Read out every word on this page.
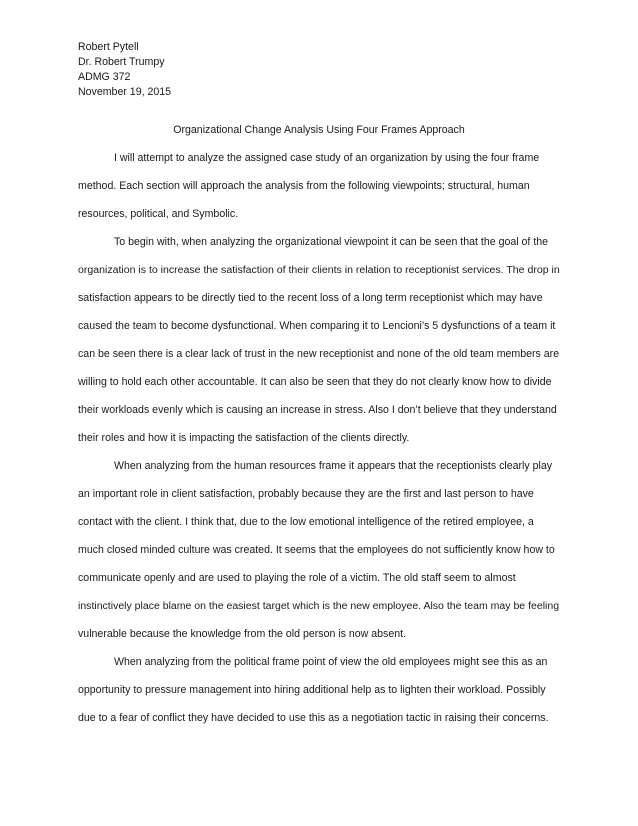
Robert Pytell
Dr. Robert Trumpy
ADMG 372
November 19, 2015
Organizational Change Analysis Using Four Frames Approach
I will attempt to analyze the assigned case study of an organization by using the four frame
method. Each section will approach the analysis from the following viewpoints; structural, human
resources, political, and Symbolic.
To begin with, when analyzing the organizational viewpoint it can be seen that the goal of the
organization is to increase the satisfaction of their clients in relation to receptionist services. The drop in
satisfaction appears to be directly tied to the recent loss of a long term receptionist which may have
caused the team to become dysfunctional. When comparing it to Lencioni’s 5 dysfunctions of a team it
can be seen there is a clear lack of trust in the new receptionist and none of the old team members are
willing to hold each other accountable. It can also be seen that they do not clearly know how to divide
their workloads evenly which is causing an increase in stress. Also I don’t believe that they understand
their roles and how it is impacting the satisfaction of the clients directly.
When analyzing from the human resources frame it appears that the receptionists clearly play
an important role in client satisfaction, probably because they are the first and last person to have
contact with the client. I think that, due to the low emotional intelligence of the retired employee, a
much closed minded culture was created. It seems that the employees do not sufficiently know how to
communicate openly and are used to playing the role of a victim. The old staff seem to almost
instinctively place blame on the easiest target which is the new employee. Also the team may be feeling
vulnerable because the knowledge from the old person is now absent.
When analyzing from the political frame point of view the old employees might see this as an
opportunity to pressure management into hiring additional help as to lighten their workload. Possibly
due to a fear of conflict they have decided to use this as a negotiation tactic in raising their concerns.
